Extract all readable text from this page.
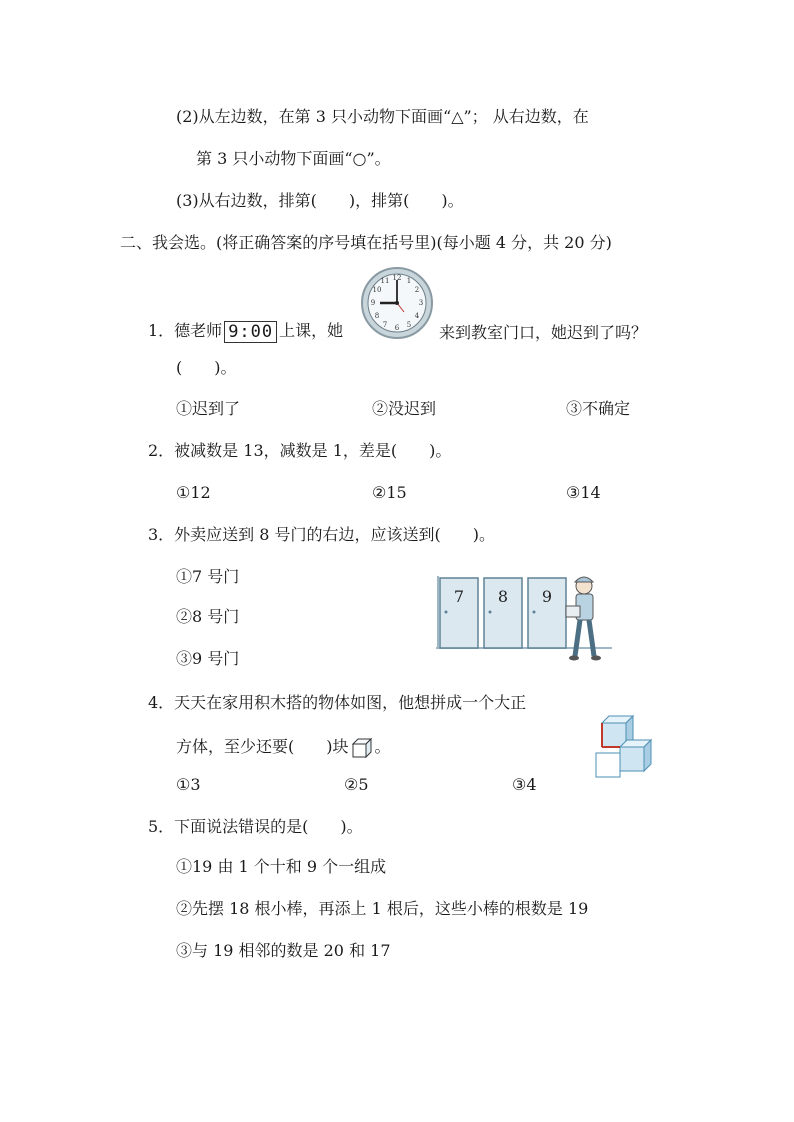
(2)从左边数，在第 3 只小动物下面画“△”； 从右边数，在
第 3 只小动物下面画“○”。
(3)从右边数，排第(　　)，排第(　　)。
二、我会选。(将正确答案的序号填在括号里)(每小题 4 分，共 20 分)
1．德老师 9:00 上课，她
12 1
2
3
4
5
6
7
8
9
10
11
来到教室门口，她迟到了吗？
(　　)。
①迟到了	②没迟到	③不确定
2．被减数是 13，减数是 1，差是(　　)。
①12	②15	③14
3．外卖应送到 8 号门的右边，应该送到(　　)。
①7 号门
②8 号门
③9 号门
7 8 9
4．天天在家用积木搭的物体如图，他想拼成一个大正
方体，至少还要(　　)块 。
①3	②5	③4
5．下面说法错误的是(　　)。
①19 由 1 个十和 9 个一组成
②先摆 18 根小棒，再添上 1 根后，这些小棒的根数是 19
③与 19 相邻的数是 20 和 17
